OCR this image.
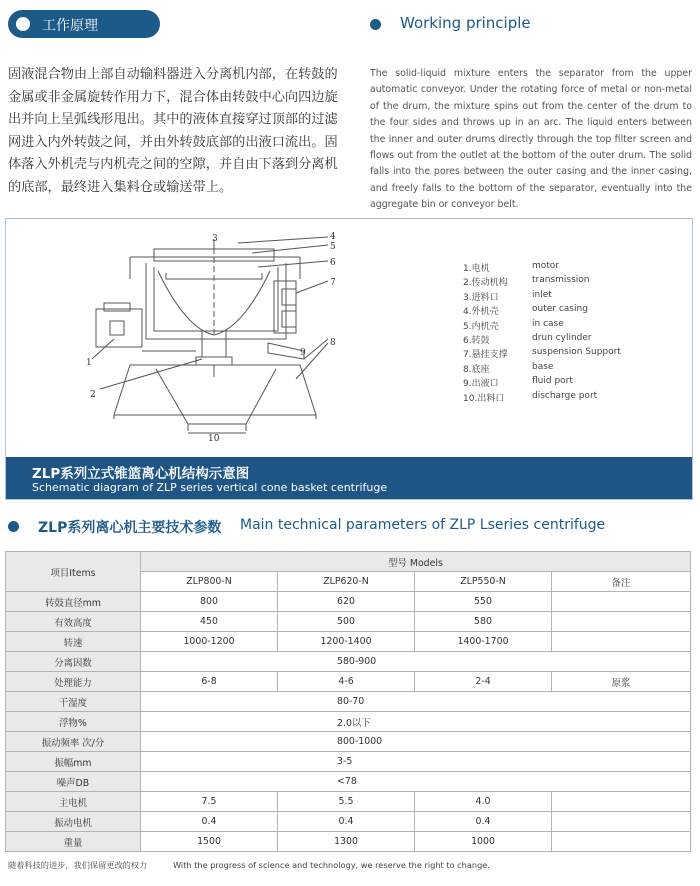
工作原理	Working principle
固液混合物由上部自动输料器进入分离机内部，在转鼓的
金属或非金属旋转作用力下，混合体由转鼓中心向四边旋
出并向上呈弧线形甩出。其中的液体直接穿过顶部的过滤
网进入内外转鼓之间，并由外转鼓底部的出液口流出。固
体落入外机壳与内机壳之间的空隙，并自由下落到分离机
的底部，最终进入集料仓或输送带上。
The solid-liquid mixture enters the separator from the upper automatic conveyor. Under the rotating force of metal or non-metal of the drum, the mixture spins out from the center of the drum to the four sides and throws up in an arc. The liquid enters between the inner and outer drums directly through the top filter screen and flows out from the outlet at the bottom of the outer drum. The solid falls into the pores between the outer casing and the inner casing, and freely falls to the bottom of the separator, eventually into the aggregate bin or conveyor belt.
1
2
3	4
5
6
7
8
9
10
1.电机	motor
2.传动机构	transmission
3.进料口	inlet
4.外机壳	outer casing
5.内机壳	in case
6.转鼓	drun cylinder
7.悬挂支撑	suspension Support
8.底座	base
9.出液口	fluid port
10.出料口	discharge port
ZLP系列立式锥篮离心机结构示意图
Schematic diagram of ZLP series vertical cone basket centrifuge
ZLP系列离心机主要技术参数 Main technical parameters of ZLP Lseries centrifuge
项目Items	型号 Models			
	ZLP800-N	ZLP620-N	ZLP550-N	备注
转鼓直径mm	800	620	550	
有效高度	450	500	580	
转速	1000-1200	1200-1400	1400-1700	
分离因数	580-900			
处理能力	6-8	4-6	2-4	原浆
干湿度	80-70			
浮物%	2.0以下			
振动频率 次/分	800-1000			
振幅mm	3-5			
噪声DB	<78			
主电机	7.5	5.5	4.0	
振动电机	0.4	0.4	0.4	
重量	1500	1300	1000	
随着科技的进步，我们保留更改的权力	With the progress of science and technology, we reserve the right to change.
